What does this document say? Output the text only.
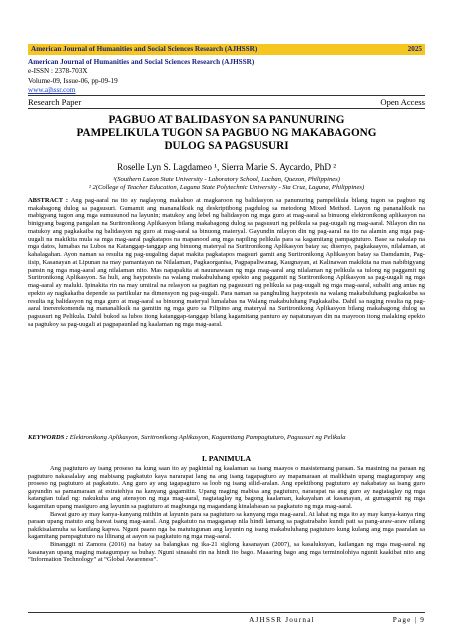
American Journal of Humanities and Social Sciences Research (AJHSSR)	2025
American Journal of Humanities and Social Sciences Research (AJHSSR)
e-ISSN : 2378-703X
Volume-09, Issue-06, pp-09-19
www.ajhssr.com
Research Paper	Open Access
PAGBUO AT BALIDASYON SA PANUNURING
PAMPELIKULA TUGON SA PAGBUO NG MAKABAGONG
DULOG SA PAGSUSURI
Roselle Lyn S. Lagdameo ¹, Sierra Marie S. Aycardo, PhD ²
¹(Southern Luzon State University - Laboratory School, Lucban, Quezon, Philippines)
² 2(College of Teacher Education, Laguna State Polytechnic University - Sta Cruz, Laguna, Philippines)
ABSTRACT : Ang pag-aaral na ito ay naglayong makabuo at magkaroon ng balidasyon sa panunuring pampelikula bilang tugon sa pagbuo ng makabagong dulog sa pagsusuri. Gumamit ang mananaliksik ng deskriptibong pagdulog sa metodong Mixed Method. Layon ng pananaliksik na mabigyang tugon ang mga sumusunod na layunin; matukoy ang lebel ng balidasyon ng mga guro at mag-aaral sa binuong elektronikong aplikasyon na binigyang bagong pangalan na Suritronikong Aplikasyon bilang makabagong dulog sa pagsusuri ng pelikula sa pag-uugali ng mag-aaral. Nilayon din na matukoy ang pagkakaiba ng balidasyon ng guro at mag-aaral sa binuong materyal. Gayundin nilayon din ng pag-aaral na ito na alamin ang mga pag-uugali na makikita mula sa mga mag-aaral pagkatapos na mapanood ang mga napiling pelikula para sa kagamitang pampagtuturo. Base sa nakalap na mga datos, lumabas na Lubos na Katanggap-tanggap ang binuong materyal na Suritronikong Aplikasyon batay sa; disenyo, pagkakaayos, nilalaman, at kahalagahan. Ayon naman sa resulta ng pag-uugaling dapat makita pagkatapos magsuri gamit ang Suritronikong Aplikasyon batay sa Damdamin, Pag-iisip, Kasanayan at Lipunan na may pamantayan na Nilalaman, Pagkaorganisa, Pagpapaliwanag, Kaugnayan, at Kalinawan makikita na mas nabibigyang pansin ng mga mag-aaral ang nilalaman nito. Mas napapakita at nauunawaan ng mga mag-aaral ang nilalaman ng pelikula sa tulong ng paggamit ng Suritronikong Aplikasyon. Sa huli, ang haypotesis na walang makabuluhang epekto ang paggamit ng Suritronikong Aplikasyon sa pag-uugali ng mga mag-aaral ay maluki. Ipinakita rin na may umiiral na relasyon sa pagitan ng pagsusuri ng pelikula sa pag-uugali ng mga mag-aaral, subalit ang antas ng epekto ay nagkakaiba depende sa partikular na dimensyon ng pag-uugali. Para naman sa panghuling haypotesis na walang makabuluhang pagkakaiba sa resulta ng balidasyon ng mga guro at mag-aaral sa binuong materyal lumalabas na Walang makabuluhang Pagkakaiba. Dahil sa naging resulta ng pag-aaral inererekomenda ng mananaliksik na gamitin ng mga guro sa Filipino ang materyal na Suritronikong Aplikasyon bilang makabagong dulog sa pagsusuri ng Pelikula. Dahil bukod sa lubos itong katanggap-tanggap bilang kagamitang panturo ay napatunayan din na mayroon itong malaking epekto sa pagtukoy sa pag-uugali at pagpapaunlad ng kaalaman ng mga mag-aaral.
KEYWORDS : Elektronikong Aplikasyon, Suritronikong Aplikasyon, Kagamitang Pampagtuturo, Pagsusuri ng Pelikula
I. PANIMULA

Ang pagtuturo ay isang proseso na kung saan ito ay pagkintal ng kaalaman sa isang maayos o masistemang paraan. Sa masining na paraan ng pagtuturo nakasalalay ang mabisang pagkatuto kaya nararapat lang na ang isang tagapagturo ay mapamaraan at malikhain upang magtagumpay ang proseso ng pagtuturo at pagkatuto. Ang guro ay ang tagapagturo sa loob ng isang silid-aralan. Ang epektibong pagtuturo ay nakabatay sa isang guro gayundin sa pamamaraan at estratehiya na kanyang gagamitin. Upang maging mabisa ang pagtuturo, nararapat na ang guro ay nagtataglay ng mga katangian tulad ng: nakukuha ang atensyon ng mga mag-aaral, nagtataglay ng bagong kaalaman, kakayahan at kasanayan, at gumagamit ng mga kagamitan upang masiguro ang layunin sa pagtuturo at magbunga ng magandang kinalabasan sa pagkatuto ng mga mag-aaral.

Bawat guro ay may kanya-kanyang mithiin at layunin para sa pagtuturo sa kanyang mga mag-aaral. At lahat ng mga ito ay may kanya-kanya ring paraan upang matuto ang bawat isang mag-aaral. Ang pagkatuto na magaganap nila hindi lamang sa pagtatrabaho kundi pati sa pang-araw-araw nilang pakikisalamuha sa kanilang kapwa. Nguni paano nga ba matutugunan ang layunin ng isang makabuluhang pagtuturo kung kulang ang mga paaralan sa kagamitang pampagtuturo na lilinang at aayon sa pagkatuto ng mga mag-aaral.

Binanggit ni Zamora (2016) na batay sa balangkas ng ika-21 siglong kasanayan (2007), sa kasalukuyan, kailangan ng mga mag-aaral ng kasanayan upang maging matagumpay sa buhay. Nguni sinasabi rin na hindi ito bago. Maaaring bago ang mga terminolohiya ngunit kaakibat nito ang “Information Technology” at “Global Awareness”.

AJHSSR Journal	Page | 9
